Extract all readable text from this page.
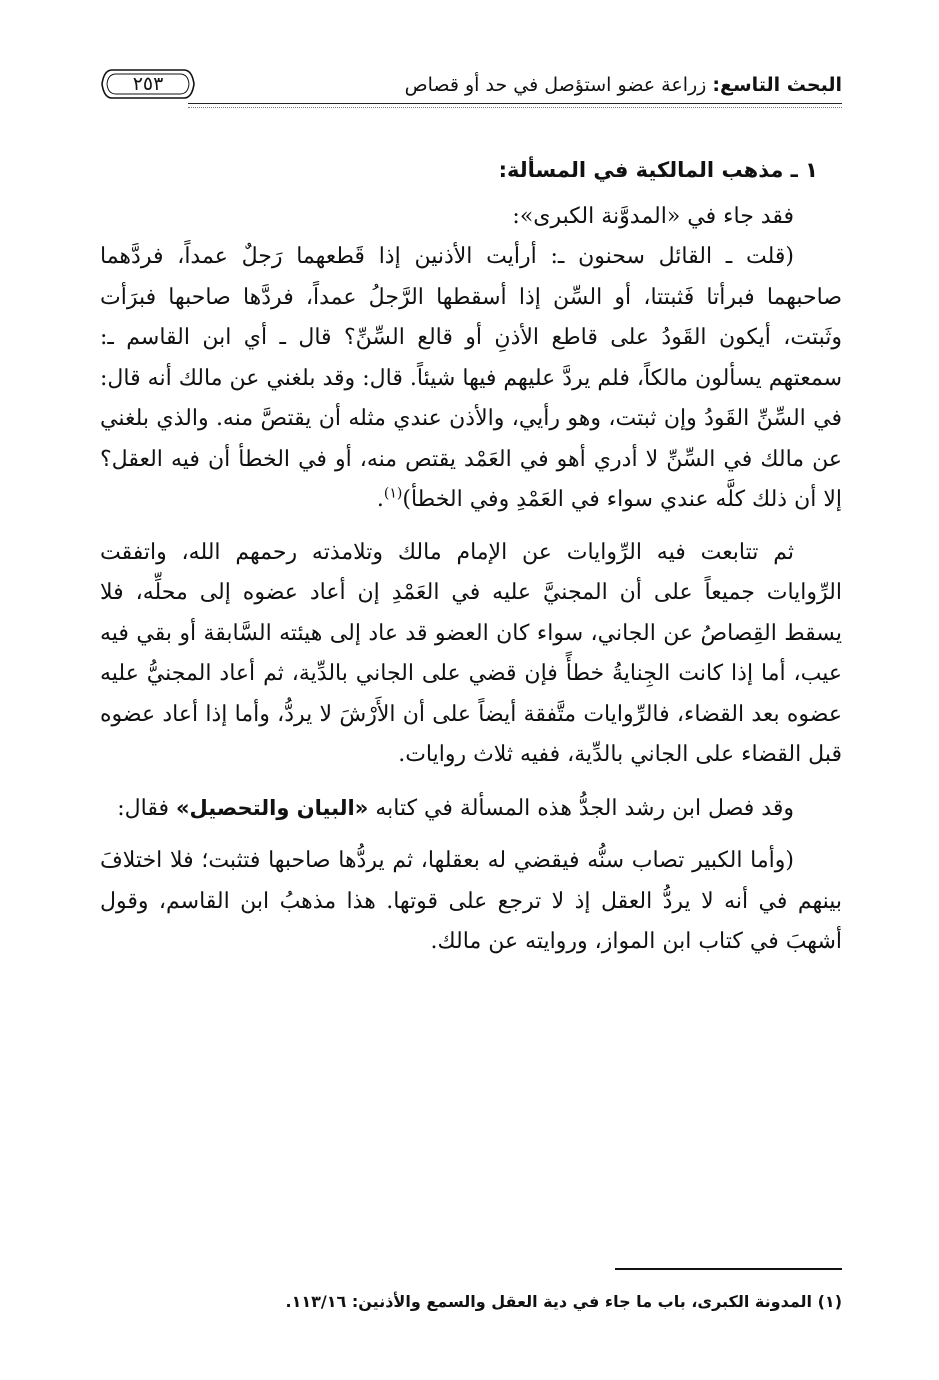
٢٥٣	البحث التاسع: زراعة عضو استؤصل في حد أو قصاص

١ ـ مذهب المالكية في المسألة:

فقد جاء في «المدوَّنة الكبرى»:

(قلت ـ القائل سحنون ـ: أرأيت الأذنين إذا قَطعهما رَجلٌ عمداً، فردَّهما صاحبهما فبرأتا فَثبتتا، أو السِّن إذا أسقطها الرَّجلُ عمداً، فردَّها صاحبها فبرَأت وثَبتت، أيكون القَودُ على قاطع الأذنِ أو قالع السِّنِّ؟ قال ـ أي ابن القاسم ـ: سمعتهم يسألون مالكاً، فلم يردَّ عليهم فيها شيئاً. قال: وقد بلغني عن مالك أنه قال: في السِّنِّ القَودُ وإن ثبتت، وهو رأيي، والأذن عندي مثله أن يقتصَّ منه. والذي بلغني عن مالك في السِّنِّ لا أدري أهو في العَمْد يقتص منه، أو في الخطأ أن فيه العقل؟ إلا أن ذلك كلَّه عندي سواء في العَمْدِ وفي الخطأ)$^{(١)}$.

ثم تتابعت فيه الرِّوايات عن الإمام مالك وتلامذته رحمهم الله، واتفقت الرِّوايات جميعاً على أن المجنيَّ عليه في العَمْدِ إن أعاد عضوه إلى محلِّه، فلا يسقط القِصاصُ عن الجاني، سواء كان العضو قد عاد إلى هيئته السَّابقة أو بقي فيه عيب، أما إذا كانت الجِنايةُ خطأً فإن قضي على الجاني بالدِّية، ثم أعاد المجنيُّ عليه عضوه بعد القضاء، فالرِّوايات متَّفقة أيضاً على أن الأَرْشَ لا يردُّ، وأما إذا أعاد عضوه قبل القضاء على الجاني بالدِّية، ففيه ثلاث روايات.

وقد فصل ابن رشد الجدُّ هذه المسألة في كتابه «البيان والتحصيل» فقال:

(وأما الكبير تصاب سنُّه فيقضي له بعقلها، ثم يردُّها صاحبها فتثبت؛ فلا اختلافَ بينهم في أنه لا يردُّ العقل إذ لا ترجع على قوتها. هذا مذهبُ ابن القاسم، وقول أشهبَ في كتاب ابن المواز، وروايته عن مالك.

(١) المدونة الكبرى، باب ما جاء في دية العقل والسمع والأذنين: ١١٣/١٦.
